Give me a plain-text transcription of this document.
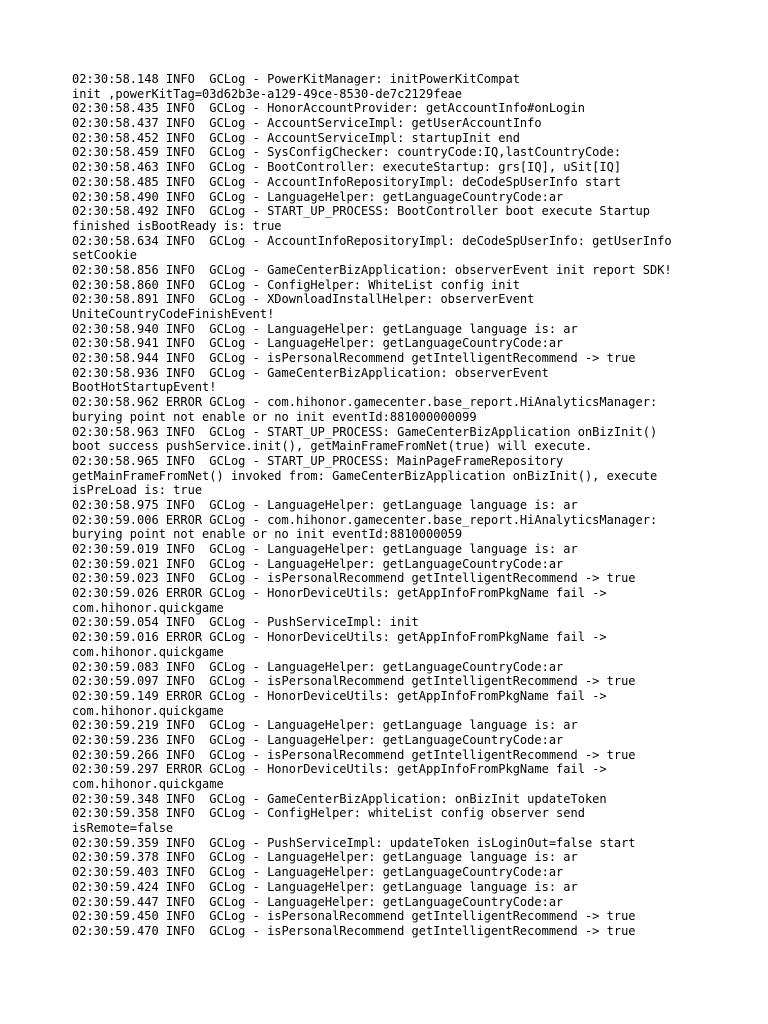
02:30:58.148 INFO  GCLog - PowerKitManager: initPowerKitCompat
init ,powerKitTag=03d62b3e-a129-49ce-8530-de7c2129feae
02:30:58.435 INFO  GCLog - HonorAccountProvider: getAccountInfo#onLogin
02:30:58.437 INFO  GCLog - AccountServiceImpl: getUserAccountInfo
02:30:58.452 INFO  GCLog - AccountServiceImpl: startupInit end
02:30:58.459 INFO  GCLog - SysConfigChecker: countryCode:IQ,lastCountryCode:
02:30:58.463 INFO  GCLog - BootController: executeStartup: grs[IQ], uSit[IQ]
02:30:58.485 INFO  GCLog - AccountInfoRepositoryImpl: deCodeSpUserInfo start
02:30:58.490 INFO  GCLog - LanguageHelper: getLanguageCountryCode:ar
02:30:58.492 INFO  GCLog - START_UP_PROCESS: BootController boot execute Startup
finished isBootReady is: true
02:30:58.634 INFO  GCLog - AccountInfoRepositoryImpl: deCodeSpUserInfo: getUserInfo
setCookie
02:30:58.856 INFO  GCLog - GameCenterBizApplication: observerEvent init report SDK!
02:30:58.860 INFO  GCLog - ConfigHelper: WhiteList config init
02:30:58.891 INFO  GCLog - XDownloadInstallHelper: observerEvent
UniteCountryCodeFinishEvent!
02:30:58.940 INFO  GCLog - LanguageHelper: getLanguage language is: ar
02:30:58.941 INFO  GCLog - LanguageHelper: getLanguageCountryCode:ar
02:30:58.944 INFO  GCLog - isPersonalRecommend getIntelligentRecommend -> true
02:30:58.936 INFO  GCLog - GameCenterBizApplication: observerEvent
BootHotStartupEvent!
02:30:58.962 ERROR GCLog - com.hihonor.gamecenter.base_report.HiAnalyticsManager:
burying point not enable or no init eventId:881000000099
02:30:58.963 INFO  GCLog - START_UP_PROCESS: GameCenterBizApplication onBizInit()
boot success pushService.init(), getMainFrameFromNet(true) will execute.
02:30:58.965 INFO  GCLog - START_UP_PROCESS: MainPageFrameRepository
getMainFrameFromNet() invoked from: GameCenterBizApplication onBizInit(), execute
isPreLoad is: true
02:30:58.975 INFO  GCLog - LanguageHelper: getLanguage language is: ar
02:30:59.006 ERROR GCLog - com.hihonor.gamecenter.base_report.HiAnalyticsManager:
burying point not enable or no init eventId:8810000059
02:30:59.019 INFO  GCLog - LanguageHelper: getLanguage language is: ar
02:30:59.021 INFO  GCLog - LanguageHelper: getLanguageCountryCode:ar
02:30:59.023 INFO  GCLog - isPersonalRecommend getIntelligentRecommend -> true
02:30:59.026 ERROR GCLog - HonorDeviceUtils: getAppInfoFromPkgName fail ->
com.hihonor.quickgame
02:30:59.054 INFO  GCLog - PushServiceImpl: init
02:30:59.016 ERROR GCLog - HonorDeviceUtils: getAppInfoFromPkgName fail ->
com.hihonor.quickgame
02:30:59.083 INFO  GCLog - LanguageHelper: getLanguageCountryCode:ar
02:30:59.097 INFO  GCLog - isPersonalRecommend getIntelligentRecommend -> true
02:30:59.149 ERROR GCLog - HonorDeviceUtils: getAppInfoFromPkgName fail ->
com.hihonor.quickgame
02:30:59.219 INFO  GCLog - LanguageHelper: getLanguage language is: ar
02:30:59.236 INFO  GCLog - LanguageHelper: getLanguageCountryCode:ar
02:30:59.266 INFO  GCLog - isPersonalRecommend getIntelligentRecommend -> true
02:30:59.297 ERROR GCLog - HonorDeviceUtils: getAppInfoFromPkgName fail ->
com.hihonor.quickgame
02:30:59.348 INFO  GCLog - GameCenterBizApplication: onBizInit updateToken
02:30:59.358 INFO  GCLog - ConfigHelper: whiteList config observer send
isRemote=false
02:30:59.359 INFO  GCLog - PushServiceImpl: updateToken isLoginOut=false start
02:30:59.378 INFO  GCLog - LanguageHelper: getLanguage language is: ar
02:30:59.403 INFO  GCLog - LanguageHelper: getLanguageCountryCode:ar
02:30:59.424 INFO  GCLog - LanguageHelper: getLanguage language is: ar
02:30:59.447 INFO  GCLog - LanguageHelper: getLanguageCountryCode:ar
02:30:59.450 INFO  GCLog - isPersonalRecommend getIntelligentRecommend -> true
02:30:59.470 INFO  GCLog - isPersonalRecommend getIntelligentRecommend -> true
